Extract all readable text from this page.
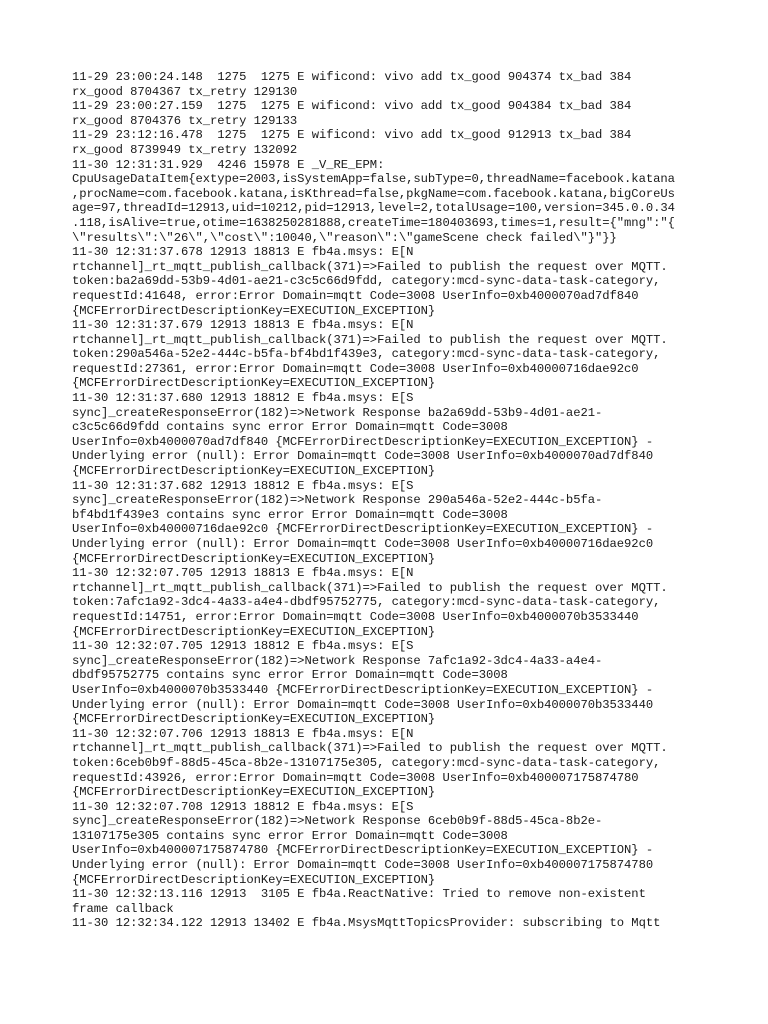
11-29 23:00:24.148  1275  1275 E wificond: vivo add tx_good 904374 tx_bad 384
rx_good 8704367 tx_retry 129130
11-29 23:00:27.159  1275  1275 E wificond: vivo add tx_good 904384 tx_bad 384
rx_good 8704376 tx_retry 129133
11-29 23:12:16.478  1275  1275 E wificond: vivo add tx_good 912913 tx_bad 384
rx_good 8739949 tx_retry 132092
11-30 12:31:31.929  4246 15978 E _V_RE_EPM:
CpuUsageDataItem{extype=2003,isSystemApp=false,subType=0,threadName=facebook.katana
,procName=com.facebook.katana,isKthread=false,pkgName=com.facebook.katana,bigCoreUs
age=97,threadId=12913,uid=10212,pid=12913,level=2,totalUsage=100,version=345.0.0.34
.118,isAlive=true,otime=1638250281888,createTime=180403693,times=1,result={"mng":"{
\"results\":\"26\",\"cost\":10040,\"reason\":\"gameScene check failed\"}"}}
11-30 12:31:37.678 12913 18813 E fb4a.msys: E[N
rtchannel]_rt_mqtt_publish_callback(371)=>Failed to publish the request over MQTT.
token:ba2a69dd-53b9-4d01-ae21-c3c5c66d9fdd, category:mcd-sync-data-task-category,
requestId:41648, error:Error Domain=mqtt Code=3008 UserInfo=0xb4000070ad7df840
{MCFErrorDirectDescriptionKey=EXECUTION_EXCEPTION}
11-30 12:31:37.679 12913 18813 E fb4a.msys: E[N
rtchannel]_rt_mqtt_publish_callback(371)=>Failed to publish the request over MQTT.
token:290a546a-52e2-444c-b5fa-bf4bd1f439e3, category:mcd-sync-data-task-category,
requestId:27361, error:Error Domain=mqtt Code=3008 UserInfo=0xb40000716dae92c0
{MCFErrorDirectDescriptionKey=EXECUTION_EXCEPTION}
11-30 12:31:37.680 12913 18812 E fb4a.msys: E[S
sync]_createResponseError(182)=>Network Response ba2a69dd-53b9-4d01-ae21-
c3c5c66d9fdd contains sync error Error Domain=mqtt Code=3008
UserInfo=0xb4000070ad7df840 {MCFErrorDirectDescriptionKey=EXECUTION_EXCEPTION} -
Underlying error (null): Error Domain=mqtt Code=3008 UserInfo=0xb4000070ad7df840
{MCFErrorDirectDescriptionKey=EXECUTION_EXCEPTION}
11-30 12:31:37.682 12913 18812 E fb4a.msys: E[S
sync]_createResponseError(182)=>Network Response 290a546a-52e2-444c-b5fa-
bf4bd1f439e3 contains sync error Error Domain=mqtt Code=3008
UserInfo=0xb40000716dae92c0 {MCFErrorDirectDescriptionKey=EXECUTION_EXCEPTION} -
Underlying error (null): Error Domain=mqtt Code=3008 UserInfo=0xb40000716dae92c0
{MCFErrorDirectDescriptionKey=EXECUTION_EXCEPTION}
11-30 12:32:07.705 12913 18813 E fb4a.msys: E[N
rtchannel]_rt_mqtt_publish_callback(371)=>Failed to publish the request over MQTT.
token:7afc1a92-3dc4-4a33-a4e4-dbdf95752775, category:mcd-sync-data-task-category,
requestId:14751, error:Error Domain=mqtt Code=3008 UserInfo=0xb4000070b3533440
{MCFErrorDirectDescriptionKey=EXECUTION_EXCEPTION}
11-30 12:32:07.705 12913 18812 E fb4a.msys: E[S
sync]_createResponseError(182)=>Network Response 7afc1a92-3dc4-4a33-a4e4-
dbdf95752775 contains sync error Error Domain=mqtt Code=3008
UserInfo=0xb4000070b3533440 {MCFErrorDirectDescriptionKey=EXECUTION_EXCEPTION} -
Underlying error (null): Error Domain=mqtt Code=3008 UserInfo=0xb4000070b3533440
{MCFErrorDirectDescriptionKey=EXECUTION_EXCEPTION}
11-30 12:32:07.706 12913 18813 E fb4a.msys: E[N
rtchannel]_rt_mqtt_publish_callback(371)=>Failed to publish the request over MQTT.
token:6ceb0b9f-88d5-45ca-8b2e-13107175e305, category:mcd-sync-data-task-category,
requestId:43926, error:Error Domain=mqtt Code=3008 UserInfo=0xb400007175874780
{MCFErrorDirectDescriptionKey=EXECUTION_EXCEPTION}
11-30 12:32:07.708 12913 18812 E fb4a.msys: E[S
sync]_createResponseError(182)=>Network Response 6ceb0b9f-88d5-45ca-8b2e-
13107175e305 contains sync error Error Domain=mqtt Code=3008
UserInfo=0xb400007175874780 {MCFErrorDirectDescriptionKey=EXECUTION_EXCEPTION} -
Underlying error (null): Error Domain=mqtt Code=3008 UserInfo=0xb400007175874780
{MCFErrorDirectDescriptionKey=EXECUTION_EXCEPTION}
11-30 12:32:13.116 12913  3105 E fb4a.ReactNative: Tried to remove non-existent
frame callback
11-30 12:32:34.122 12913 13402 E fb4a.MsysMqttTopicsProvider: subscribing to Mqtt
